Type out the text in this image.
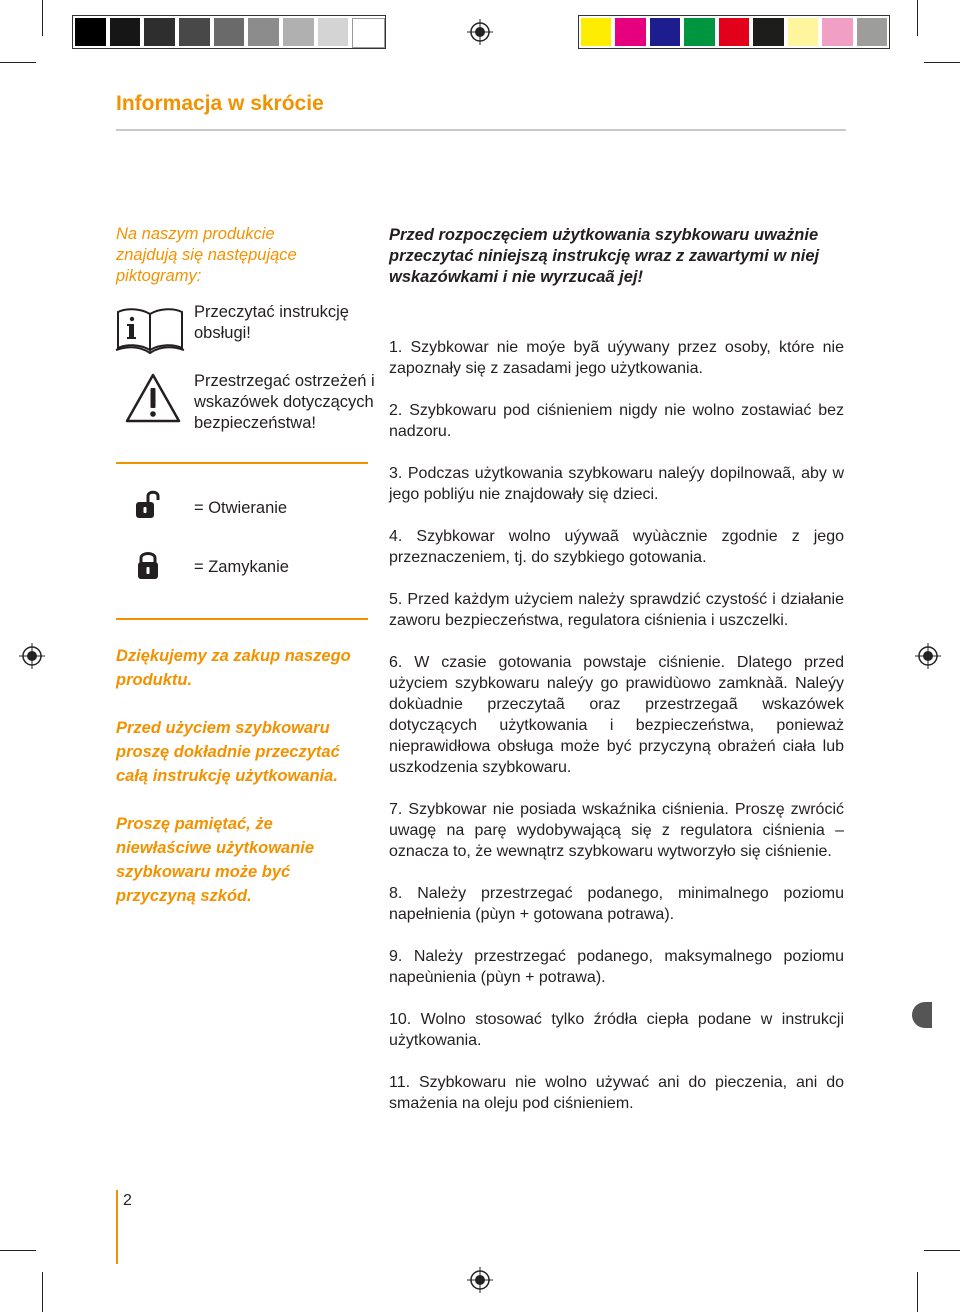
Informacja w skrócie
Na naszym produkcie znajdują się następujące piktogramy:
Przeczytać instrukcję obsługi!
Przestrzegać ostrzeżeń i wskazówek dotyczących bezpieczeństwa!
= Otwieranie
= Zamykanie
Dziękujemy za zakup naszego produktu.
Przed użyciem szybkowaru proszę dokładnie przeczytać całą instrukcję użytkowania.
Proszę pamiętać, że niewłaściwe użytkowanie szybkowaru może być przyczyną szkód.
Przed rozpoczęciem użytkowania szybkowaru uważnie przeczytać niniejszą instrukcję wraz z zawartymi w niej wskazówkami i nie wyrzucaã jej!
1. Szybkowar nie moýe byã uýywany przez osoby, które nie zapoznały się z zasadami jego użytkowania.
2. Szybkowaru pod ciśnieniem nigdy nie wolno zostawiać bez nadzoru.
3. Podczas użytkowania szybkowaru naleýy dopilnowaã, aby w jego pobliýu nie znajdowały się dzieci.
4. Szybkowar wolno uýywaã wyùàcznie zgodnie z jego przeznaczeniem, tj. do szybkiego gotowania.
5. Przed każdym użyciem należy sprawdzić czystość i działanie zaworu bezpieczeństwa, regulatora ciśnienia i uszczelki.
6. W czasie gotowania powstaje ciśnienie. Dlatego przed użyciem szybkowaru naleýy go prawidùowo zamknàã. Naleýy dokùadnie przeczytaã oraz przestrzegaã wskazówek dotyczących użytkowania i bezpieczeństwa, ponieważ nieprawidłowa obsługa może być przyczyną obrażeń ciała lub uszkodzenia szybkowaru.
7. Szybkowar nie posiada wskaźnika ciśnienia. Proszę zwrócić uwagę na parę wydobywającą się z regulatora ciśnienia – oznacza to, że wewnątrz szybkowaru wytworzyło się ciśnienie.
8. Należy przestrzegać podanego, minimalnego poziomu napełnienia (pùyn + gotowana potrawa).
9. Należy przestrzegać podanego, maksymalnego poziomu napeùnienia (pùyn + potrawa).
10. Wolno stosować tylko źródła ciepła podane w instrukcji użytkowania.
11. Szybkowaru nie wolno używać ani do pieczenia, ani do smażenia na oleju pod ciśnieniem.
2
